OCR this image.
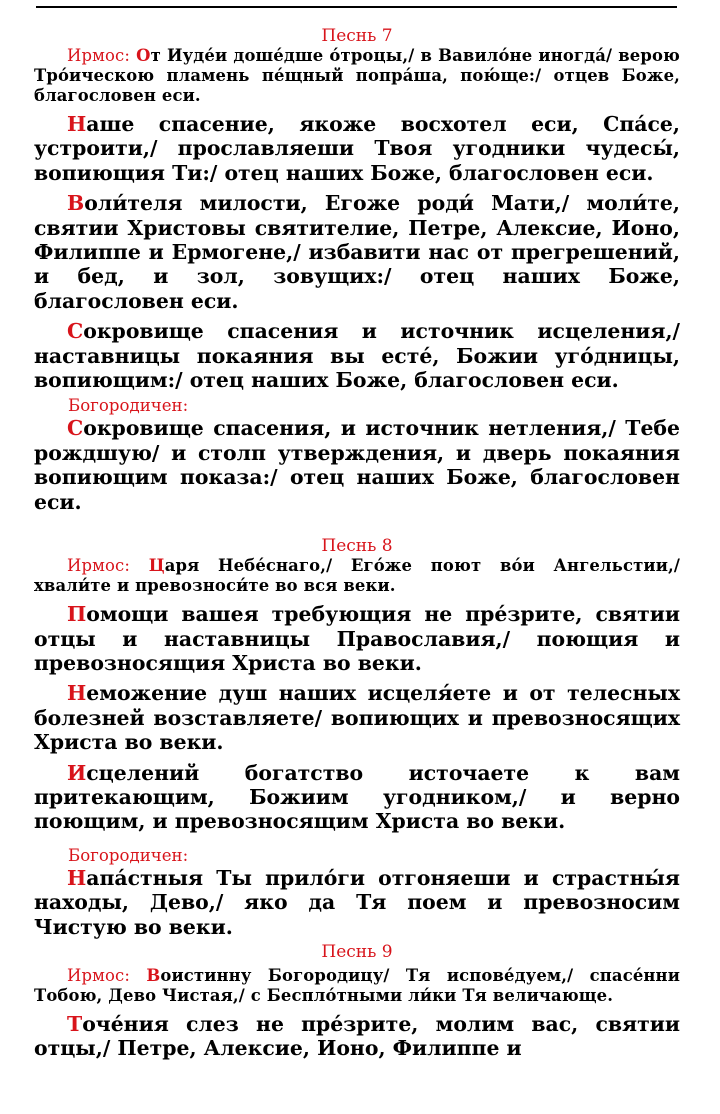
Песнь 7

Ирмос: От Иуде́и доше́дше о́троцы,/ в Вавило́не иногда́/ верою Тро́ическою пламень пе́щный попра́ша, пою́ще:/ отцев Боже, благословен еси.

Наше спасение, якоже восхотел еси, Спа́се, устроити,/ прославляеши Твоя угодники чудесы́, вопиющия Ти:/ отец наших Боже, благословен еси.

Воли́теля милости, Егоже роди́ Мати,/ моли́те, святии Христовы святителие, Петре, Алексие, Ионо, Филиппе и Ермогене,/ избавити нас от прегрешений, и бед, и зол, зовущих:/ отец наших Боже, благословен еси.

Сокровище спасения и источник исцеления,/ наставницы покаяния вы есте́, Божии уго́дницы, вопиющим:/ отец наших Боже, благословен еси.

Богородичен:

Сокровище спасения, и источник нетления,/ Тебе рождшую/ и столп утверждения, и дверь покаяния вопиющим показа:/ отец наших Боже, благословен еси.

Песнь 8

Ирмос: Царя Небе́снаго,/ Его́же поют во́и Ангельстии,/ хвали́те и превозноси́те во вся веки.

Помощи вашея требующия не пре́зрите, святии отцы и наставницы Православия,/ поющия и превозносящия Христа во веки.

Неможение душ наших исцеля́ете и от телесных болезней возставляете/ вопиющих и превозносящих Христа во веки.

Исцелений богатство источаете к вам притекающим, Божиим угодником,/ и верно поющим, и превозносящим Христа во веки.

Богородичен:

Напа́стныя Ты прило́ги отгоняеши и страстны́я находы, Дево,/ яко да Тя поем и превозносим Чистую во веки.

Песнь 9

Ирмос: Воистинну Богородицу/ Тя испове́дуем,/ спасе́нни Тобою, Дево Чистая,/ с Беспло́тными ли́ки Тя величающе.

Точе́ния слез не пре́зрите, молим вас, святии отцы,/ Петре, Алексие, Ионо, Филиппе и
